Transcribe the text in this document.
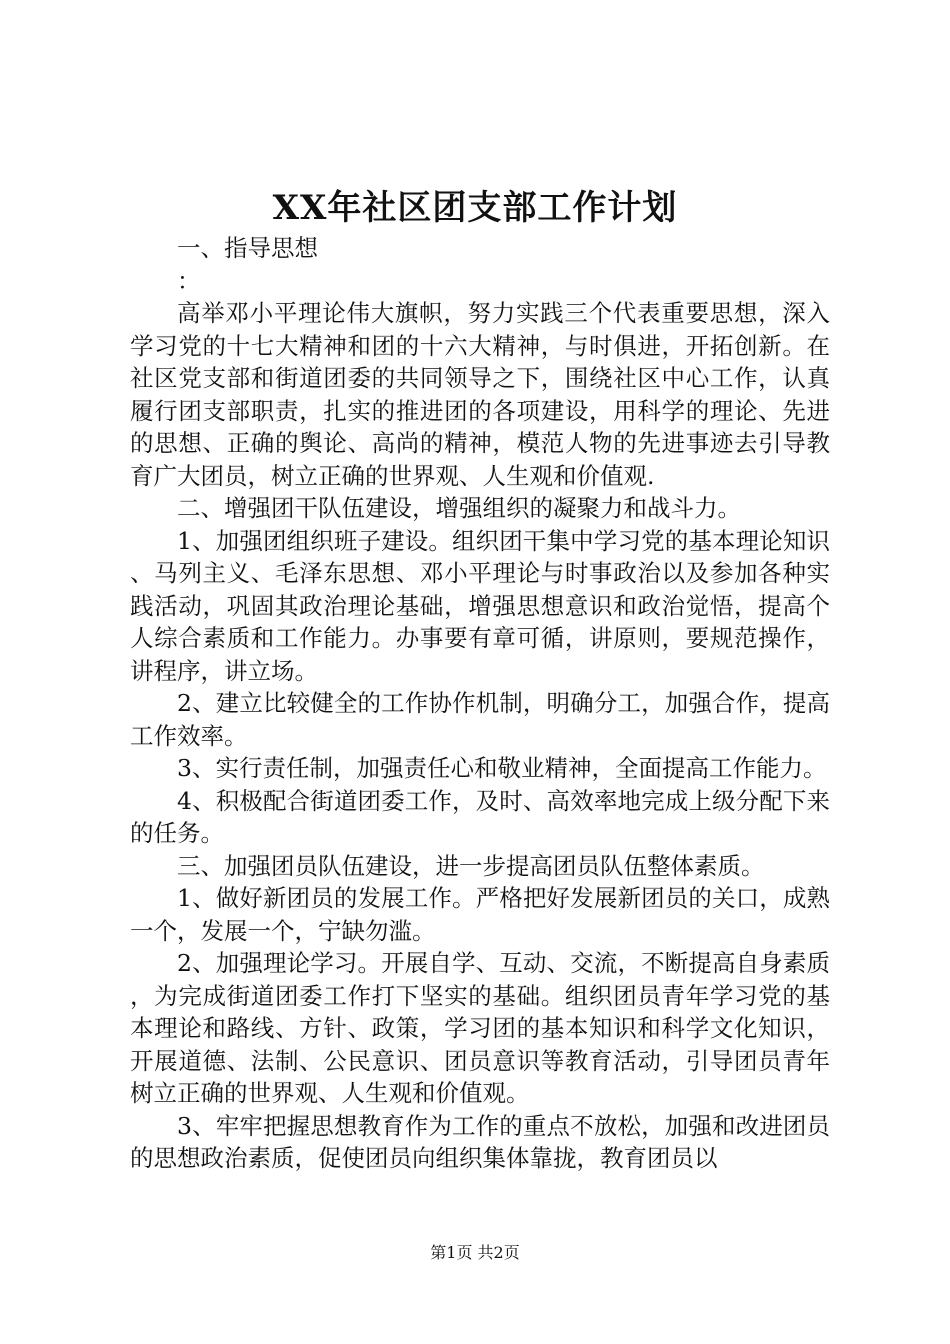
XX年社区团支部工作计划

一、指导思想

：

高举邓小平理论伟大旗帜，努力实践三个代表重要思想，深入学习党的十七大精神和团的十六大精神，与时俱进，开拓创新。在社区党支部和街道团委的共同领导之下，围绕社区中心工作，认真履行团支部职责，扎实的推进团的各项建设，用科学的理论、先进的思想、正确的舆论、高尚的精神，模范人物的先进事迹去引导教育广大团员，树立正确的世界观、人生观和价值观.

二、增强团干队伍建设，增强组织的凝聚力和战斗力。

1、加强团组织班子建设。组织团干集中学习党的基本理论知识、马列主义、毛泽东思想、邓小平理论与时事政治以及参加各种实践活动，巩固其政治理论基础，增强思想意识和政治觉悟，提高个人综合素质和工作能力。办事要有章可循，讲原则，要规范操作，讲程序，讲立场。

2、建立比较健全的工作协作机制，明确分工，加强合作，提高工作效率。

3、实行责任制，加强责任心和敬业精神，全面提高工作能力。

4、积极配合街道团委工作，及时、高效率地完成上级分配下来的任务。

三、加强团员队伍建设，进一步提高团员队伍整体素质。

1、做好新团员的发展工作。严格把好发展新团员的关口，成熟一个，发展一个，宁缺勿滥。

2、加强理论学习。开展自学、互动、交流，不断提高自身素质，为完成街道团委工作打下坚实的基础。组织团员青年学习党的基本理论和路线、方针、政策，学习团的基本知识和科学文化知识，开展道德、法制、公民意识、团员意识等教育活动，引导团员青年树立正确的世界观、人生观和价值观。

3、牢牢把握思想教育作为工作的重点不放松，加强和改进团员的思想政治素质，促使团员向组织集体靠拢，教育团员以

第1页 共2页
